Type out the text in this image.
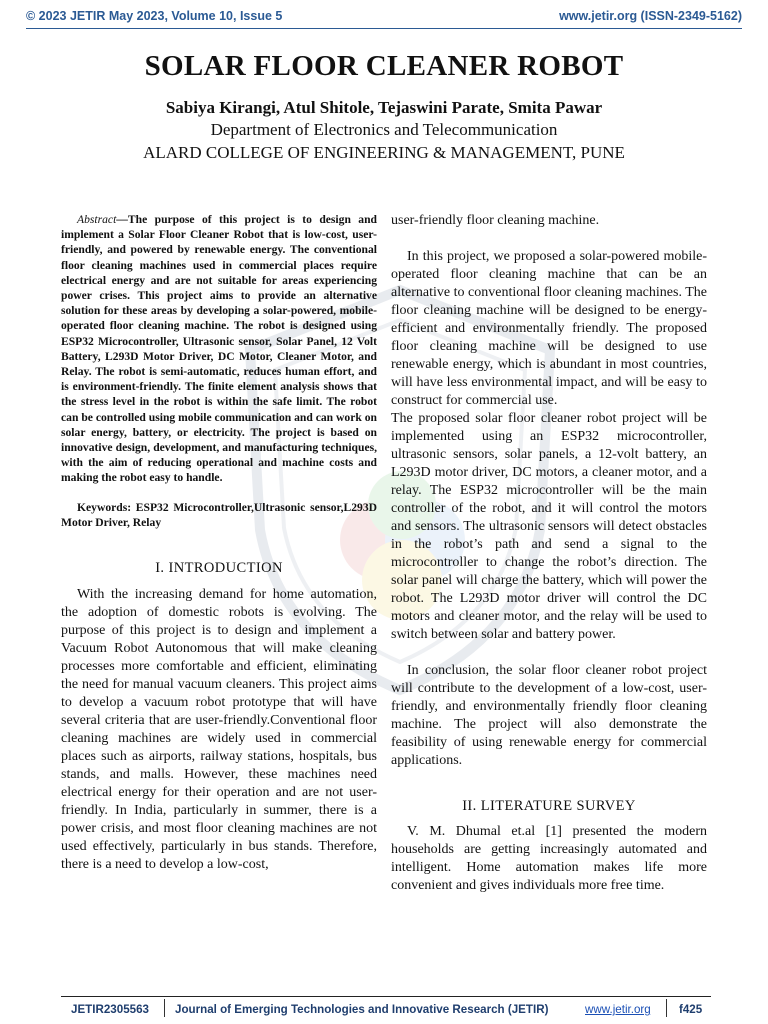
© 2023 JETIR May 2023, Volume 10, Issue 5	www.jetir.org (ISSN-2349-5162)
SOLAR FLOOR CLEANER ROBOT
Sabiya Kirangi, Atul Shitole, Tejaswini Parate, Smita Pawar
Department of Electronics and Telecommunication
ALARD COLLEGE OF ENGINEERING & MANAGEMENT, PUNE

Abstract—The purpose of this project is to design and implement a Solar Floor Cleaner Robot that is low-cost, user-friendly, and powered by renewable energy. The conventional floor cleaning machines used in commercial places require electrical energy and are not suitable for areas experiencing power crises. This project aims to provide an alternative solution for these areas by developing a solar-powered, mobile-operated floor cleaning machine. The robot is designed using ESP32 Microcontroller, Ultrasonic sensor, Solar Panel, 12 Volt Battery, L293D Motor Driver, DC Motor, Cleaner Motor, and Relay. The robot is semi-automatic, reduces human effort, and is environment-friendly. The finite element analysis shows that the stress level in the robot is within the safe limit. The robot can be controlled using mobile communication and can work on solar energy, battery, or electricity. The project is based on innovative design, development, and manufacturing techniques, with the aim of reducing operational and machine costs and making the robot easy to handle.

Keywords: ESP32 Microcontroller,Ultrasonic sensor,L293D Motor Driver, Relay

I. INTRODUCTION

With the increasing demand for home automation, the adoption of domestic robots is evolving. The purpose of this project is to design and implement a Vacuum Robot Autonomous that will make cleaning processes more comfortable and efficient, eliminating the need for manual vacuum cleaners. This project aims to develop a vacuum robot prototype that will have several criteria that are user-friendly.Conventional floor cleaning machines are widely used in commercial places such as airports, railway stations, hospitals, bus stands, and malls. However, these machines need electrical energy for their operation and are not user-friendly. In India, particularly in summer, there is a power crisis, and most floor cleaning machines are not used effectively, particularly in bus stands. Therefore, there is a need to develop a low-cost,

user-friendly floor cleaning machine.

In this project, we proposed a solar-powered mobile-operated floor cleaning machine that can be an alternative to conventional floor cleaning machines. The floor cleaning machine will be designed to be energy-efficient and environmentally friendly. The proposed floor cleaning machine will be designed to use renewable energy, which is abundant in most countries, will have less environmental impact, and will be easy to construct for commercial use.

The proposed solar floor cleaner robot project will be implemented using an ESP32 microcontroller, ultrasonic sensors, solar panels, a 12-volt battery, an L293D motor driver, DC motors, a cleaner motor, and a relay. The ESP32 microcontroller will be the main controller of the robot, and it will control the motors and sensors. The ultrasonic sensors will detect obstacles in the robot’s path and send a signal to the microcontroller to change the robot’s direction. The solar panel will charge the battery, which will power the robot. The L293D motor driver will control the DC motors and cleaner motor, and the relay will be used to switch between solar and battery power.

In conclusion, the solar floor cleaner robot project will contribute to the development of a low-cost, user-friendly, and environmentally friendly floor cleaning machine. The project will also demonstrate the feasibility of using renewable energy for commercial applications.

II. LITERATURE SURVEY

V. M. Dhumal et.al [1] presented the modern households are getting increasingly automated and intelligent. Home automation makes life more convenient and gives individuals more free time.

JETIR2305563 Journal of Emerging Technologies and Innovative Research (JETIR)	www.jetir.org f425
